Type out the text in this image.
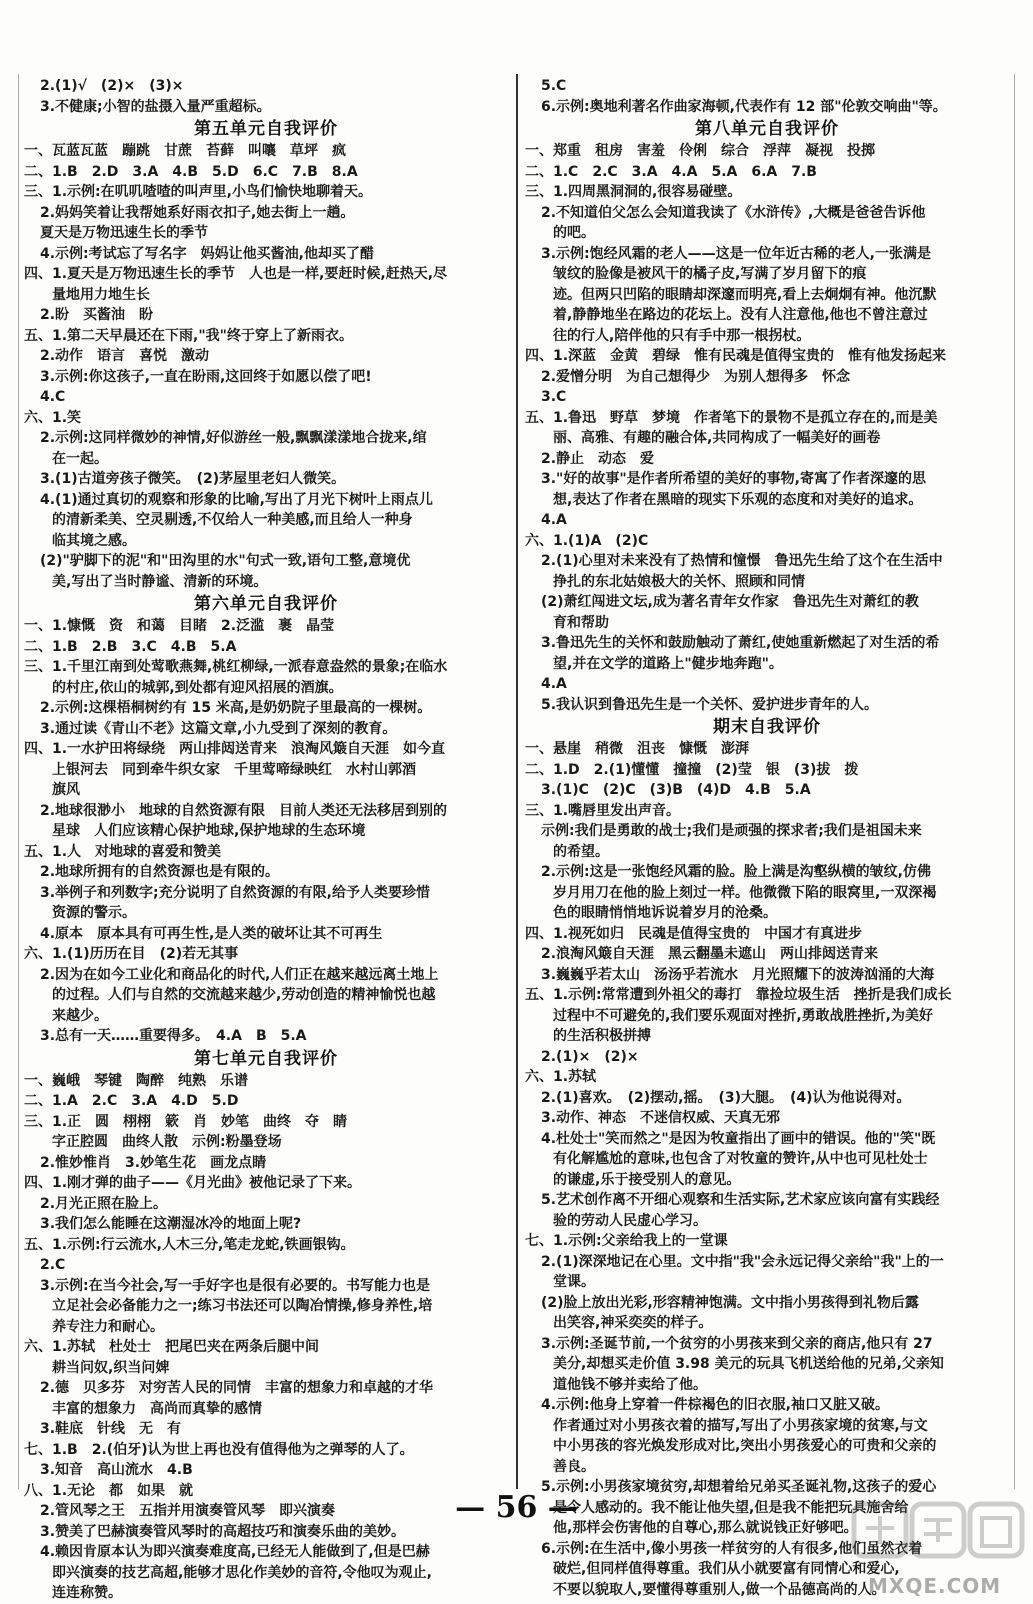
2.(1)√　(2)×　(3)×
3.不健康;小智的盐摄入量严重超标。
第五单元自我评价
一、瓦蓝瓦蓝　蹦跳　甘蔗　苔藓　叫嚷　草坪　疯
二、1.B　2.D　3.A　4.B　5.D　6.C　7.B　8.A
三、1.示例:在叽叽喳喳的叫声里,小鸟们愉快地聊着天。
2.妈妈笑着让我帮她系好雨衣扣子,她去街上一趟。
夏天是万物迅速生长的季节
4.示例:考试忘了写名字　妈妈让他买酱油,他却买了醋
四、1.夏天是万物迅速生长的季节　人也是一样,要赶时候,赶热天,尽
量地用力地生长
2.盼　买酱油　盼
五、1.第二天早晨还在下雨,"我"终于穿上了新雨衣。
2.动作　语言　喜悦　激动
3.示例:你这孩子,一直在盼雨,这回终于如愿以偿了吧!
4.C
六、1.笑
2.示例:这同样微妙的神情,好似游丝一般,飘飘漾漾地合拢来,绾
在一起。
3.(1)古道旁孩子微笑。　(2)茅屋里老妇人微笑。
4.(1)通过真切的观察和形象的比喻,写出了月光下树叶上雨点儿
的清新柔美、空灵剔透,不仅给人一种美感,而且给人一种身
临其境之感。
(2)"驴脚下的泥"和"田沟里的水"句式一致,语句工整,意境优
美,写出了当时静谧、清新的环境。
第六单元自我评价
一、1.慷慨　资　和蔼　目睹　2.泛滥　裹　晶莹
二、1.B　2.B　3.C　4.B　5.A
三、1.千里江南到处莺歌燕舞,桃红柳绿,一派春意盎然的景象;在临水
的村庄,依山的城郭,到处都有迎风招展的酒旗。
2.示例:这棵梧桐树约有 15 米高,是奶奶院子里最高的一棵树。
3.通过读《青山不老》这篇文章,小九受到了深刻的教育。
四、1.一水护田将绿绕　两山排闼送青来　浪淘风簸自天涯　如今直
上银河去　同到牵牛织女家　千里莺啼绿映红　水村山郭酒
旗风
2.地球很渺小　地球的自然资源有限　目前人类还无法移居到别的
星球　人们应该精心保护地球,保护地球的生态环境
五、1.人　对地球的喜爱和赞美
2.地球所拥有的自然资源也是有限的。
3.举例子和列数字;充分说明了自然资源的有限,给予人类要珍惜
资源的警示。
4.原本　原本具有可再生性,是人类的破坏让其不可再生
六、1.(1)历历在目　(2)若无其事
2.因为在如今工业化和商品化的时代,人们正在越来越远离土地上
的过程。人们与自然的交流越来越少,劳动创造的精神愉悦也越
来越少。
3.总有一天……重要得多。　4.A　B　5.A
第七单元自我评价
一、巍峨　琴键　陶醉　纯熟　乐谱
二、1.A　2.C　3.A　4.D　5.D
三、1.正　圆　栩栩　簌　肖　妙笔　曲终　夺　睛
字正腔圆　曲终人散　示例:粉墨登场
2.惟妙惟肖　3.妙笔生花　画龙点睛
四、1.刚才弹的曲子——《月光曲》被他记录了下来。
2.月光正照在脸上。
3.我们怎么能睡在这潮湿冰冷的地面上呢?
五、1.示例:行云流水,人木三分,笔走龙蛇,铁画银钩。
2.C
3.示例:在当今社会,写一手好字也是很有必要的。书写能力也是
立足社会必备能力之一;练习书法还可以陶冶情操,修身养性,培
养专注力和耐心。
六、1.苏轼　杜处士　把尾巴夹在两条后腿中间
耕当问奴,织当问婢
2.德　贝多芬　对穷苦人民的同情　丰富的想象力和卓越的才华
丰富的想象力　高尚而真挚的感情
3.鞋底　针线　无　有
七、1.B　2.(伯牙)认为世上再也没有值得他为之弹琴的人了。
3.知音　高山流水　4.B
八、1.无论　都　如果　就
2.管风琴之王　五指并用演奏管风琴　即兴演奏
3.赞美了巴赫演奏管风琴时的高超技巧和演奏乐曲的美妙。
4.赖因肯原本认为即兴演奏难度高,已经无人能做到了,但是巴赫
即兴演奏的技艺高超,能够才思化作美妙的音符,令他叹为观止,
连连称赞。
5.C
6.示例:奥地利著名作曲家海顿,代表作有 12 部"伦敦交响曲"等。
第八单元自我评价
一、郑重　租房　害羞　伶俐　综合　浮萍　凝视　投掷
二、1.C　2.C　3.A　4.A　5.A　6.A　7.B
三、1.四周黑洞洞的,很容易碰壁。
2.不知道伯父怎么会知道我读了《水浒传》,大概是爸爸告诉他
的吧。
3.示例:饱经风霜的老人——这是一位年近古稀的老人,一张满是
皱纹的脸像是被风干的橘子皮,写满了岁月留下的痕
迹。但两只凹陷的眼睛却深邃而明亮,看上去炯炯有神。他沉默
着,静静地坐在路边的花坛上。没有人注意他,他也不曾注意过
往的行人,陪伴他的只有手中那一根拐杖。
四、1.深蓝　金黄　碧绿　惟有民魂是值得宝贵的　惟有他发扬起来
2.爱憎分明　为自己想得少　为别人想得多　怀念
3.C
五、1.鲁迅　野草　梦境　作者笔下的景物不是孤立存在的,而是美
丽、高雅、有趣的融合体,共同构成了一幅美好的画卷
2.静止　动态　爱
3."好的故事"是作者所希望的美好的事物,寄寓了作者深邃的思
想,表达了作者在黑暗的现实下乐观的态度和对美好的追求。
4.A
六、1.(1)A　(2)C
2.(1)心里对未来没有了热情和憧憬　鲁迅先生给了这个在生活中
挣扎的东北姑娘极大的关怀、照顾和同情
(2)萧红闯进文坛,成为著名青年女作家　鲁迅先生对萧红的教
育和帮助
3.鲁迅先生的关怀和鼓励触动了萧红,使她重新燃起了对生活的希
望,并在文学的道路上"健步地奔跑"。
4.A
5.我认识到鲁迅先生是一个关怀、爱护进步青年的人。
期末自我评价
一、悬崖　稍微　沮丧　慷慨　澎湃
二、1.D　2.(1)懂懂　撞撞　(2)莹　银　(3)拔　拨
3.(1)C　(2)C　(3)B　(4)D　4.B　5.A
三、1.嘴唇里发出声音。
示例:我们是勇敢的战士;我们是顽强的探求者;我们是祖国未来
的希望。
2.示例:这是一张饱经风霜的脸。脸上满是沟壑纵横的皱纹,仿佛
岁月用刀在他的脸上刻过一样。他微微下陷的眼窝里,一双深褐
色的眼睛悄悄地诉说着岁月的沧桑。
四、1.视死如归　民魂是值得宝贵的　中国才有真进步
2.浪淘风簸自天涯　黑云翻墨未遮山　两山排闼送青来
3.巍巍乎若太山　汤汤乎若流水　月光照耀下的波涛汹涌的大海
五、1.示例:常常遭到外祖父的毒打　靠捡垃圾生活　挫折是我们成长
过程中不可避免的,我们要乐观面对挫折,勇敢战胜挫折,为美好
的生活积极拼搏
2.(1)×　(2)×
六、1.苏轼
2.(1)喜欢。　(2)摆动,摇。　(3)大腿。　(4)认为他说得对。
3.动作、神态　不迷信权威、天真无邪
4.杜处士"笑而然之"是因为牧童指出了画中的错误。他的"笑"既
有化解尴尬的意味,也包含了对牧童的赞许,从中也可见杜处士
的谦虚,乐于接受别人的意见。
5.艺术创作离不开细心观察和生活实际,艺术家应该向富有实践经
验的劳动人民虚心学习。
七、1.示例:父亲给我上的一堂课
2.(1)深深地记在心里。文中指"我"会永远记得父亲给"我"上的一
堂课。
(2)脸上放出光彩,形容精神饱满。文中指小男孩得到礼物后露
出笑容,神采奕奕的样子。
3.示例:圣诞节前,一个贫穷的小男孩来到父亲的商店,他只有 27
美分,却想买走价值 3.98 美元的玩具飞机送给他的兄弟,父亲知
道他钱不够并卖给了他。
4.示例:他身上穿着一件棕褐色的旧衣服,袖口又脏又破。
作者通过对小男孩衣着的描写,写出了小男孩家境的贫寒,与文
中小男孩的容光焕发形成对比,突出小男孩爱心的可贵和父亲的
善良。
5.示例:小男孩家境贫穷,却想着给兄弟买圣诞礼物,这孩子的爱心
是令人感动的。我不能让他失望,但是我不能把玩具施舍给
他,那样会伤害他的自尊心,那么就说钱正好够吧。
6.示例:在生活中,像小男孩一样贫穷的人有很多,他们虽然衣着
破烂,但同样值得尊重。我们从小就要富有同情心和爱心,
不要以貌取人,要懂得尊重别人,做一个品德高尚的人。
— 56 —
MXQE.COM
